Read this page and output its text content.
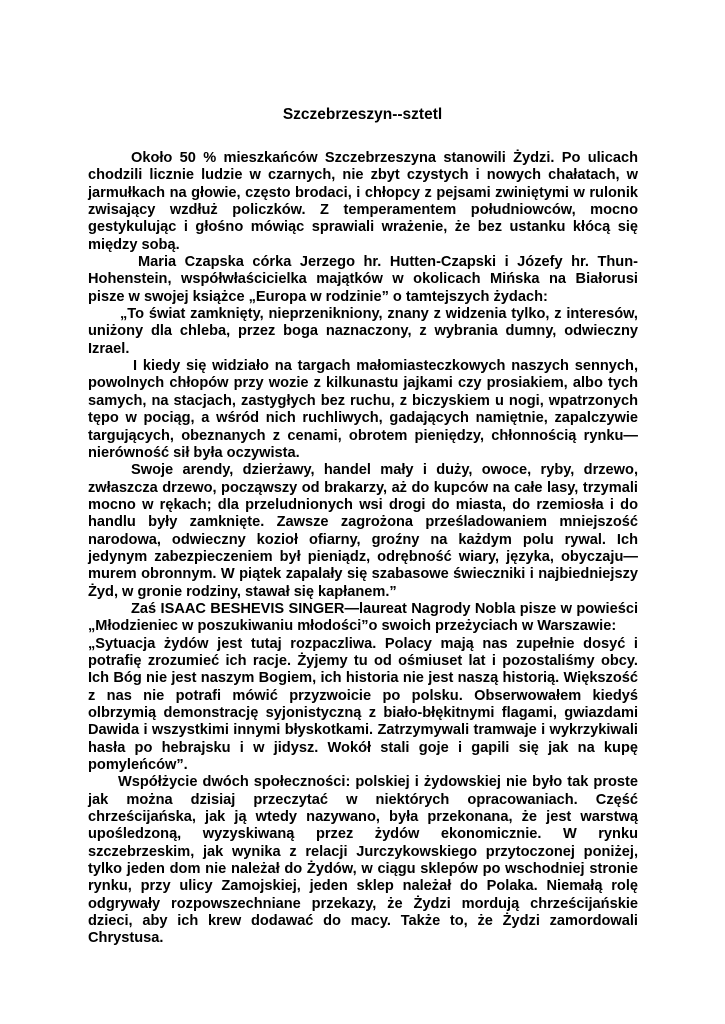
Szczebrzeszyn--sztetl

Około 50 % mieszkańców Szczebrzeszyna stanowili Żydzi. Po ulicach chodzili licznie ludzie w czarnych, nie zbyt czystych i nowych chałatach, w jarmułkach na głowie, często brodaci, i chłopcy z pejsami zwiniętymi w rulonik zwisający wzdłuż policzków. Z temperamentem południowców, mocno gestykulując i głośno mówiąc sprawiali wrażenie, że bez ustanku kłócą się między sobą.

Maria Czapska córka Jerzego hr. Hutten-Czapski i Józefy hr. Thun-Hohenstein, współwłaścicielka majątków w okolicach Mińska na Białorusi pisze w swojej książce „Europa w rodzinie” o tamtejszych żydach:

„To świat zamknięty, nieprzenikniony, znany z widzenia tylko, z interesów, uniżony dla chleba, przez boga naznaczony, z wybrania dumny, odwieczny Izrael.

I kiedy się widziało na targach małomiasteczkowych naszych sennych, powolnych chłopów przy wozie z kilkunastu jajkami czy prosiakiem, albo tych samych, na stacjach, zastygłych bez ruchu, z biczyskiem u nogi, wpatrzonych tępo w pociąg, a wśród nich ruchliwych, gadających namiętnie, zapalczywie targujących, obeznanych z cenami, obrotem pieniędzy, chłonnością rynku—nierówność sił była oczywista.

Swoje arendy, dzierżawy, handel mały i duży, owoce, ryby, drzewo, zwłaszcza drzewo, począwszy od brakarzy, aż do kupców na całe lasy, trzymali mocno w rękach; dla przeludnionych wsi drogi do miasta, do rzemiosła i do handlu były zamknięte. Zawsze zagrożona prześladowaniem mniejszość narodowa, odwieczny kozioł ofiarny, groźny na każdym polu rywal. Ich jedynym zabezpieczeniem był pieniądz, odrębność wiary, języka, obyczaju—murem obronnym. W piątek zapalały się szabasowe świeczniki i najbiedniejszy Żyd, w gronie rodziny, stawał się kapłanem.”

Zaś ISAAC BESHEVIS SINGER—laureat Nagrody Nobla pisze w powieści „Młodzieniec w poszukiwaniu młodości”o swoich przeżyciach w Warszawie:

„Sytuacja żydów jest tutaj rozpaczliwa. Polacy mają nas zupełnie dosyć i potrafię zrozumieć ich racje. Żyjemy tu od ośmiuset lat i pozostaliśmy obcy. Ich Bóg nie jest naszym Bogiem, ich historia nie jest naszą historią. Większość z nas nie potrafi mówić przyzwoicie po polsku. Obserwowałem kiedyś olbrzymią demonstrację syjonistyczną z biało-błękitnymi flagami, gwiazdami Dawida i wszystkimi innymi błyskotkami. Zatrzymywali tramwaje i wykrzykiwali hasła po hebrajsku i w jidysz. Wokół stali goje i gapili się jak na kupę pomyleńców”.

Współżycie dwóch społeczności: polskiej i żydowskiej nie było tak proste jak można dzisiaj przeczytać w niektórych opracowaniach. Część chrześcijańska, jak ją wtedy nazywano, była przekonana, że jest warstwą upośledzoną, wyzyskiwaną przez żydów ekonomicznie. W rynku szczebrzeskim, jak wynika z relacji Jurczykowskiego przytoczonej poniżej, tylko jeden dom nie należał do Żydów, w ciągu sklepów po wschodniej stronie rynku, przy ulicy Zamojskiej, jeden sklep należał do Polaka. Niemałą rolę odgrywały rozpowszechniane przekazy, że Żydzi mordują chrześcijańskie dzieci, aby ich krew dodawać do macy. Także to, że Żydzi zamordowali Chrystusa.
